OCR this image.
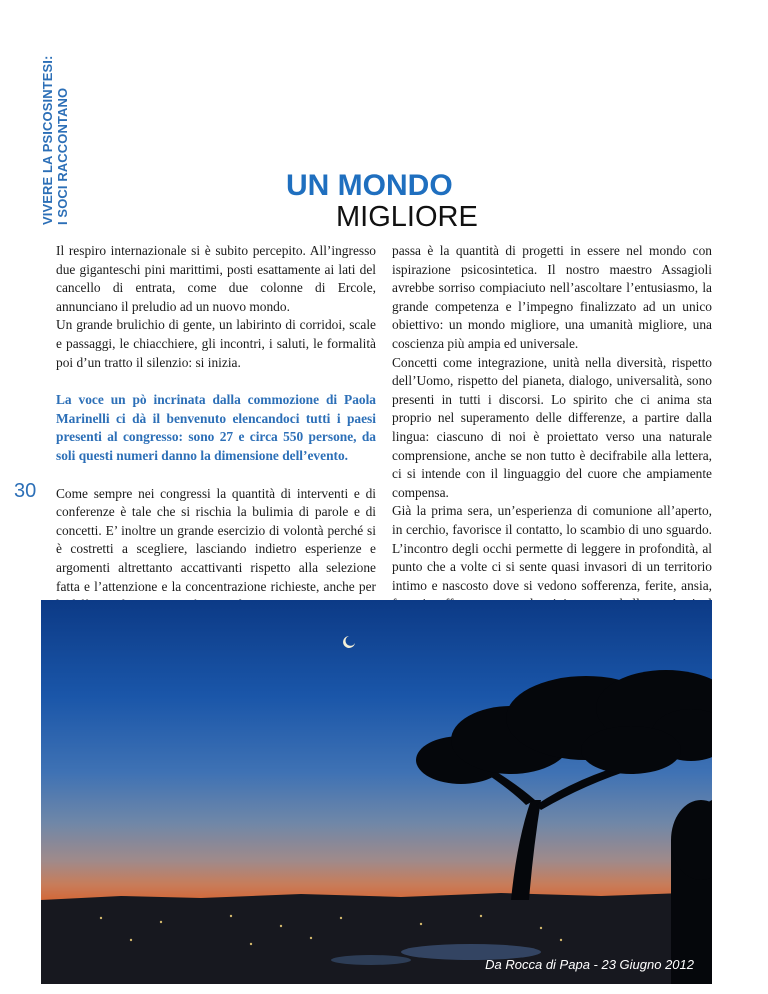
VIVERE LA PSICOSINTESI: I SOCI RACCONTANO	UN MONDO
MIGLIORE
30

Il respiro internazionale si è subito percepito. All’ingresso due giganteschi pini marittimi, posti esattamente ai lati del cancello di entrata, come due colonne di Ercole, annunciano il preludio ad un nuovo mondo.

Un grande brulichio di gente, un labirinto di corridoi, scale e passaggi, le chiacchiere, gli incontri, i saluti, le formalità poi d’un tratto il silenzio: si inizia.

La voce un pò incrinata dalla commozione di Paola Marinelli ci dà il benvenuto elencandoci tutti i paesi presenti al congresso: sono 27 e circa 550 persone, da soli questi numeri danno la dimensione dell’evento.

Come sempre nei congressi la quantità di interventi e di conferenze è tale che si rischia la bulimia di parole e di concetti. E’ inoltre un grande esercizio di volontà perché si è costretti a scegliere, lasciando indietro esperienze e argomenti altrettanto accattivanti rispetto alla selezione fatta e l’attenzione e la concentrazione richieste, anche per

passa è la quantità di progetti in essere nel mondo con ispirazione psicosintetica. Il nostro maestro Assagioli avrebbe sorriso compiaciuto nell’ascoltare l’entusiasmo, la grande competenza e l’impegno finalizzato ad un unico obiettivo: un mondo migliore, una umanità migliore, una coscienza più ampia ed universale.

Concetti come integrazione, unità nella diversità, rispetto dell’Uomo, rispetto del pianeta, dialogo, universalità, sono presenti in tutti i discorsi. Lo spirito che ci anima sta proprio nel superamento delle differenze, a partire dalla lingua: ciascuno di noi è proiettato verso una naturale comprensione, anche se non tutto è decifrabile alla lettera, ci si intende con il linguaggio del cuore che ampiamente compensa.

Già la prima sera, un’esperienza di comunione all’aperto, in cerchio, favorisce il contatto, lo scambio di uno sguardo. L’incontro degli occhi permette di leggere in profondità, al punto che a volte ci si sente quasi invasori di un territorio intimo e nascosto dove si vedono sofferenza, ferite, ansia,

Da Rocca di Papa - 23 Giugno 2012
